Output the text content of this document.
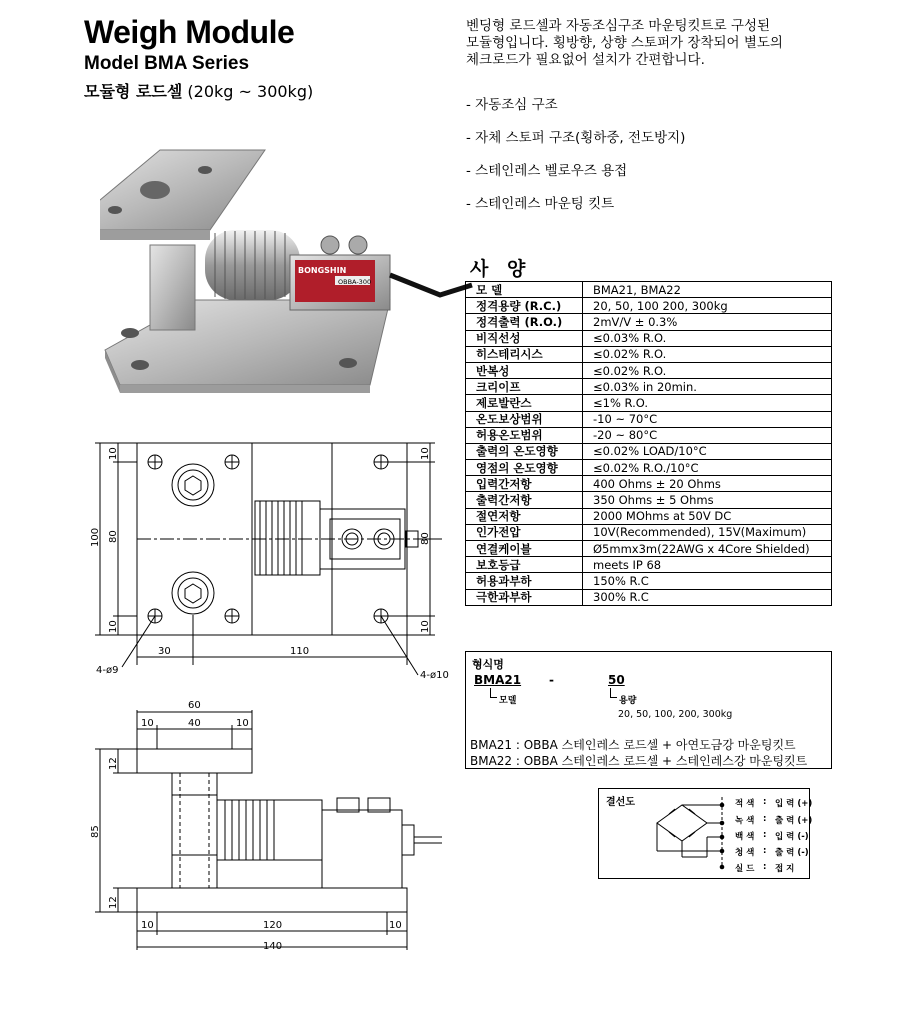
Weigh Module
Model BMA Series
모듈형 로드셀 (20kg ~ 300kg)
벤딩형 로드셀과 자동조심구조 마운팅킷트로 구성된
모듈형입니다. 횡방향, 상향 스토퍼가 장착되어 별도의
체크로드가 필요없어 설치가 간편합니다.
- 자동조심 구조
- 자체 스토퍼 구조(횡하중, 전도방지)
- 스테인레스 벨로우즈 용접
- 스테인레스 마운팅 킷트
BONGSHIN
OBBA-300
100 80
10
10
10
80
10
30	110
4-ø9	4-ø10
60
10	40	10
85
12
12
10	120	10
140
사 양
모 델	BMA21, BMA22
정격용량 (R.C.)	20, 50, 100 200, 300kg
정격출력 (R.O.)	2mV/V ± 0.3%
비직선성	≤0.03% R.O.
히스테리시스	≤0.02% R.O.
반복성	≤0.02% R.O.
크리이프	≤0.03% in 20min.
제로발란스	≤1% R.O.
온도보상범위	-10 ~ 70°C
허용온도범위	-20 ~ 80°C
출력의 온도영향	≤0.02% LOAD/10°C
영점의 온도영향	≤0.02% R.O./10°C
입력간저항	400 Ohms ± 20 Ohms
출력간저항	350 Ohms ± 5 Ohms
절연저항	2000 MOhms at 50V DC
인가전압	10V(Recommended), 15V(Maximum)
연결케이블	Ø5mmx3m(22AWG x 4Core Shielded)
보호등급	meets IP 68
허용과부하	150% R.C
극한과부하	300% R.C
형식명
BMA21 -	50
모델	용량
20, 50, 100, 200, 300kg
BMA21 : OBBA 스테인레스 로드셀 + 아연도금강 마운팅킷트
BMA22 : OBBA 스테인레스 로드셀 + 스테인레스강 마운팅킷트
결선도	적 색 : 입 력 (+)
녹 색 : 출 력 (+)
백 색 : 입 력 (-)
청 색 : 출 력 (-)
실 드 : 접 지
